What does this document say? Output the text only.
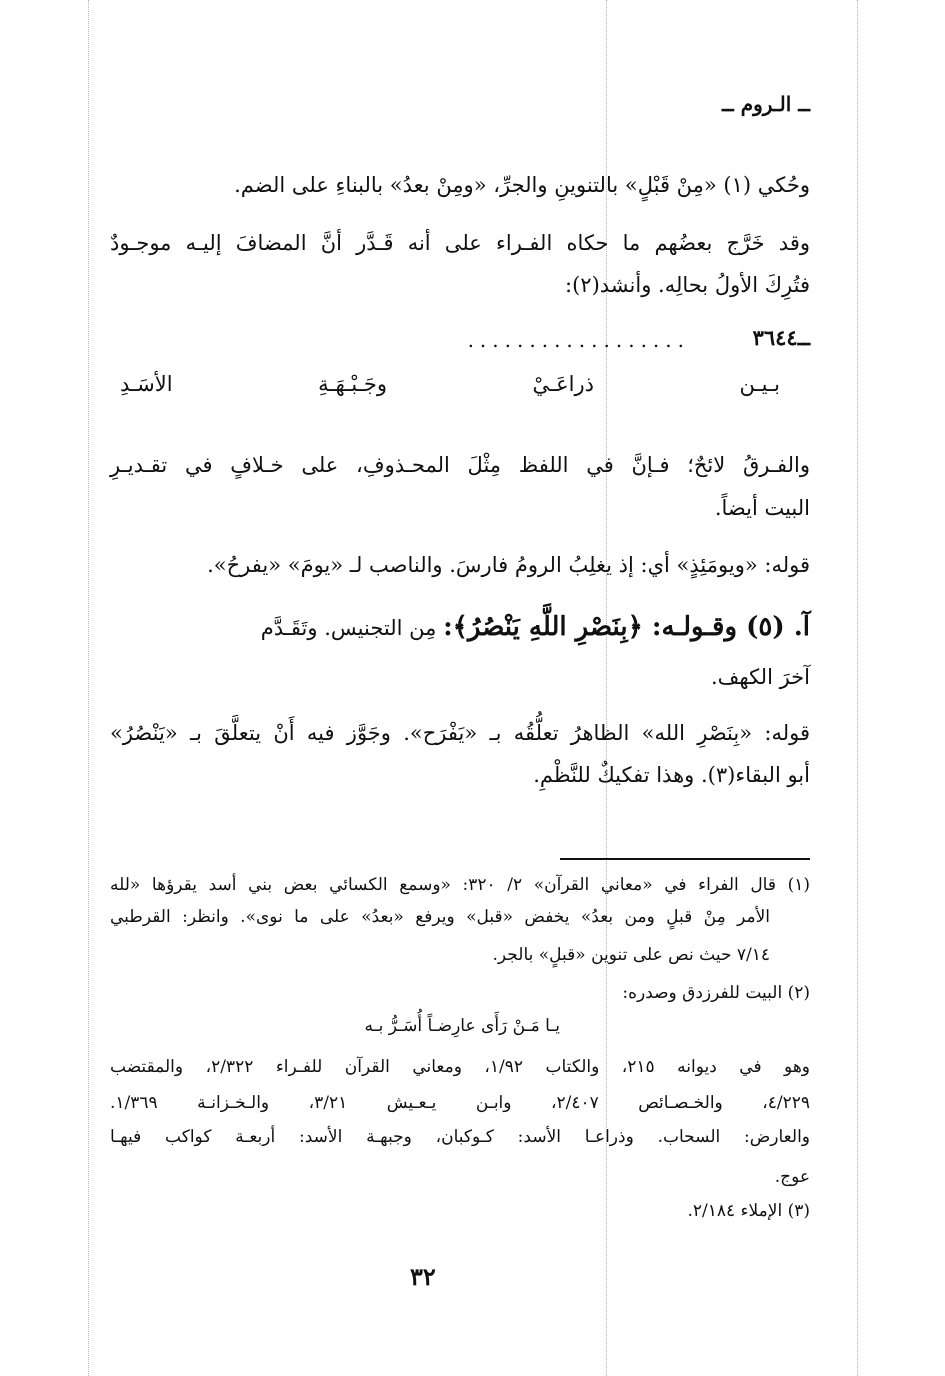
ــ الـروم ــ
وحُكي (١) «مِنْ قَبْلٍ» بالتنوينِ والجرِّ، «ومِنْ بعدُ» بالبناءِ على الضم.
وقد خَرَّج بعضُهم ما حكاه الفـراء على أنه قَـدَّر أنَّ المضافَ إليـه موجـودٌ
فتُرِكَ الأولُ بحالِه. وأنشد(٢):
ــ٣٦٤٤
..................
بـيـن ذراعَـيْ وجَـبْـهَـةِ الأسَـدِ
والفـرقُ لائحٌ؛ فـإنَّ في اللفظ مِثْلَ المحـذوفِ، على خـلافٍ في تقـديـرِ
البيت أيضاً.
قوله: «ويومَئِذٍ» أي: إذ يغلِبُ الرومُ فارسَ. والناصب لـ «يومَ» «يفرحُ».
آ. (٥) وقـولـه: ﴿بِنَصْرِ اللَّهِ يَنْصُرُ﴾: مِن التجنيس. وتَقَـدَّم
آخرَ الكهف.
قوله: «بِنَصْرِ الله» الظاهرُ تعلُّقُه بـ «يَفْرَح». وجَوَّز فيه أَنْ يتعلَّقَ بـ «يَنْصُرُ»
أبو البقاء(٣). وهذا تفكيكٌ للنَّظْمِ.
(١) قال الفراء في «معاني القرآن» ٢/ ٣٢٠: «وسمع الكسائي بعض بني أسد يقرؤها «لله
الأمر مِنْ قبلٍ ومن بعدُ» يخفض «قبل» ويرفع «بعدُ» على ما نوى». وانظر: القرطبي
٧/١٤ حيث نص على تنوين «قبلٍ» بالجر.
(٢) البيت للفرزدق وصدره:
يـا مَـنْ رَأَى عارِضـاً أُسَـرُّ بـه
وهو في ديوانه ٢١٥، والكتاب ١/٩٢، ومعاني القرآن للفـراء ٢/٣٢٢، والمقتضب
٤/٢٢٩، والخـصـائص ٢/٤٠٧، وابـن يـعـيش ٣/٢١، والـخـزانـة ١/٣٦٩.
والعارض: السحاب. وذراعـا الأسد: كـوكبان، وجبهـة الأسد: أربعـة كواكب فيهـا
عوج.
(٣) الإملاء ٢/١٨٤.
٣٢
